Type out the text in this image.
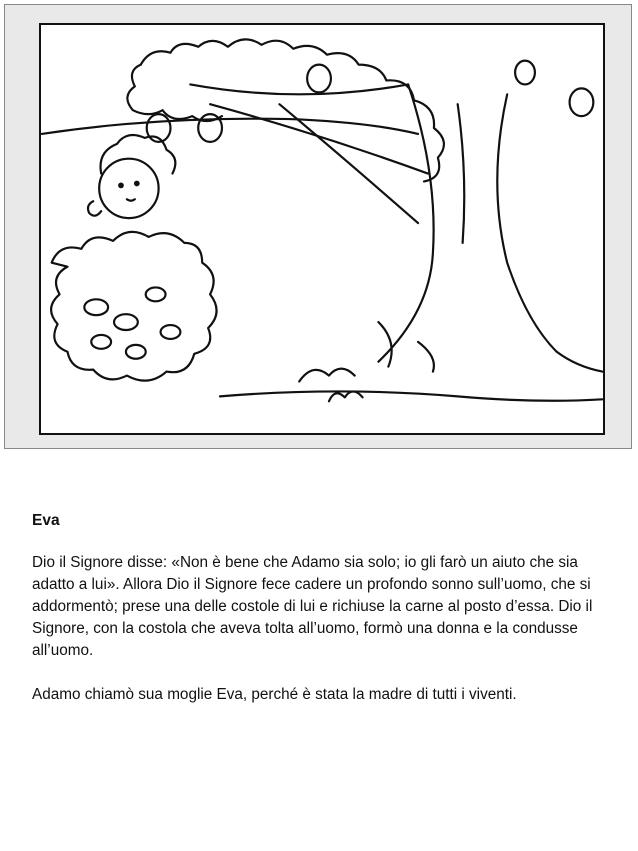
Eva

Dio il Signore disse: «Non è bene che Adamo sia solo; io gli farò un aiuto che sia adatto a lui». Allora Dio il Signore fece cadere un profondo sonno sull’uomo, che si addormentò; prese una delle costole di lui e richiuse la carne al posto d’essa. Dio il Signore, con la costola che aveva tolta all’uomo, formò una donna e la condusse all’uomo.

Adamo chiamò sua moglie Eva, perché è stata la madre di tutti i viventi.
